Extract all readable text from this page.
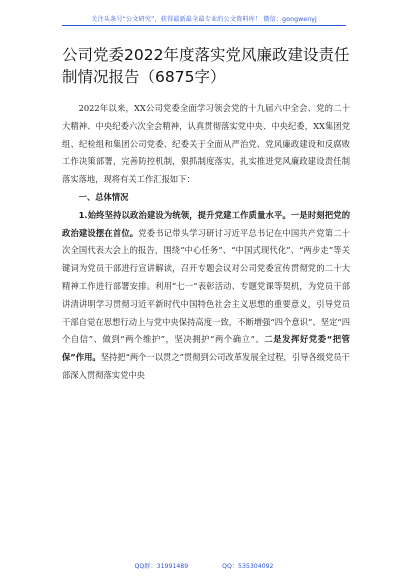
关注头条号“公文研究”，获得最新最全最专业的公文资料库！ 微信：gongwenyj
公司党委2022年度落实党风廉政建设责任制情况报告（6875字）

2022年以来，XX公司党委全面学习领会党的十九届六中全会、党的二十大精神、中央纪委六次全会精神，认真贯彻落实党中央、中央纪委，XX集团党组、纪检组和集团公司党委、纪委关于全面从严治党、党风廉政建设和反腐败工作决策部署，完善防控机制，狠抓制度落实，扎实推进党风廉政建设责任制落实落地，现将有关工作汇报如下：

一、总体情况

1.始终坚持以政治建设为统领，提升党建工作质量水平。一是时刻把党的政治建设摆在首位。党委书记带头学习研讨习近平总书记在中国共产党第二十次全国代表大会上的报告，围绕“中心任务”、“中国式现代化”、“两步走”等关键词为党员干部进行宣讲解读，召开专题会议对公司党委宣传贯彻党的二十大精神工作进行部署安排。利用“七一”表彰活动、专题党课等契机，为党员干部讲清讲明学习贯彻习近平新时代中国特色社会主义思想的重要意义，引导党员干部自觉在思想行动上与党中央保持高度一致，不断增强“四个意识”、坚定“四个自信”、做到“两个维护”，坚决拥护“两个确立”。二是发挥好党委“把管保”作用。坚持把“两个一以贯之”贯彻到公司改革发展全过程，引导各级党员干部深入贯彻落实党中央

QQ群：31991489	QQ：535304092
